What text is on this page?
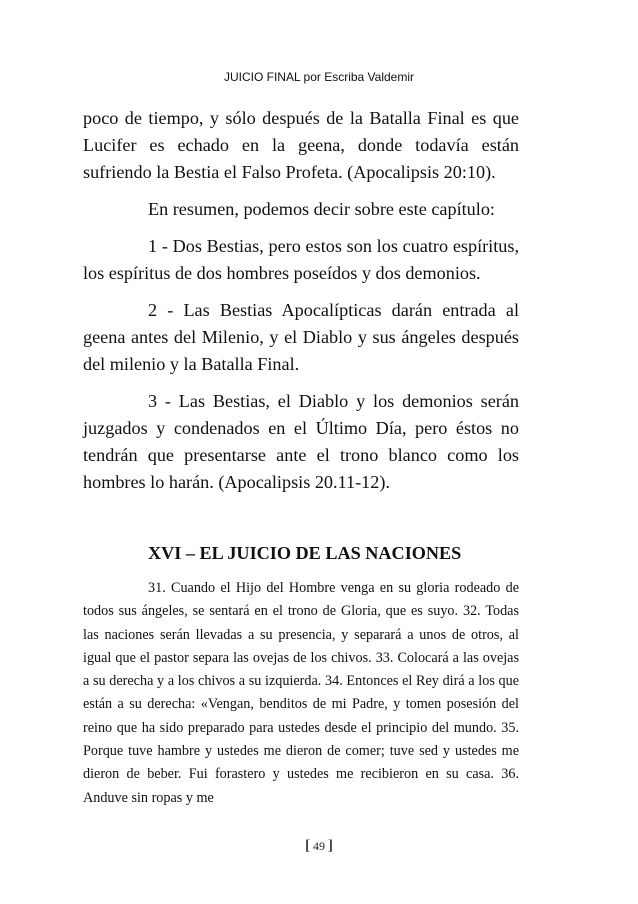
JUICIO FINAL por Escriba Valdemir

poco de tiempo, y sólo después de la Batalla Final es que Lucifer es echado en la geena, donde todavía están sufriendo la Bestia el Falso Profeta. (Apocalipsis 20:10).

En resumen, podemos decir sobre este capítulo:

1 - Dos Bestias, pero estos son los cuatro espíritus, los espíritus de dos hombres poseídos y dos demonios.

2 - Las Bestias Apocalípticas darán entrada al geena antes del Milenio, y el Diablo y sus ángeles después del milenio y la Batalla Final.

3 - Las Bestias, el Diablo y los demonios serán juzgados y condenados en el Último Día, pero éstos no tendrán que presentarse ante el trono blanco como los hombres lo harán. (Apocalipsis 20.11-12).

XVI – EL JUICIO DE LAS NACIONES

31. Cuando el Hijo del Hombre venga en su gloria rodeado de todos sus ángeles, se sentará en el trono de Gloria, que es suyo. 32. Todas las naciones serán llevadas a su presencia, y separará a unos de otros, al igual que el pastor separa las ovejas de los chivos. 33. Colocará a las ovejas a su derecha y a los chivos a su izquierda. 34. Entonces el Rey dirá a los que están a su derecha: «Vengan, benditos de mi Padre, y tomen posesión del reino que ha sido preparado para ustedes desde el principio del mundo. 35. Porque tuve hambre y ustedes me dieron de comer; tuve sed y ustedes me dieron de beber. Fui forastero y ustedes me recibieron en su casa. 36. Anduve sin ropas y me

[ 49 ]
